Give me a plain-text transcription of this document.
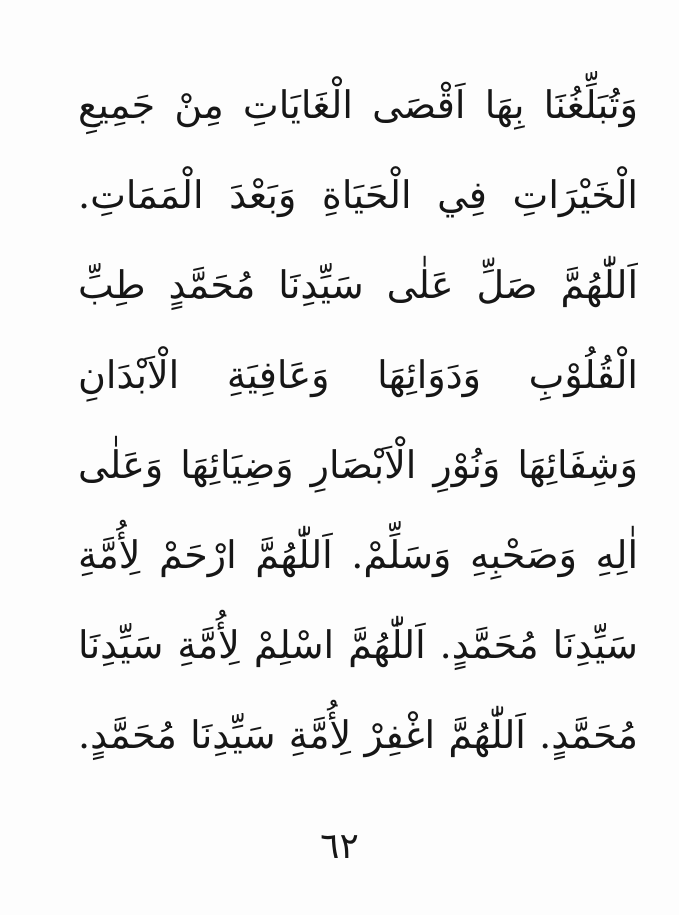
وَتُبَلِّغُنَا بِهَا اَقْصَى الْغَايَاتِ مِنْ جَمِيعِ
الْخَيْرَاتِ فِي الْحَيَاةِ وَبَعْدَ الْمَمَاتِ.
اَللّٰهُمَّ صَلِّ عَلٰى سَيِّدِنَا مُحَمَّدٍ طِبِّ
الْقُلُوْبِ وَدَوَائِهَا وَعَافِيَةِ الْاَبْدَانِ
وَشِفَائِهَا وَنُوْرِ الْاَبْصَارِ وَضِيَائِهَا وَعَلٰى
اٰلِهِ وَصَحْبِهِ وَسَلِّمْ. اَللّٰهُمَّ ارْحَمْ لِأُمَّةِ
سَيِّدِنَا مُحَمَّدٍ. اَللّٰهُمَّ اسْلِمْ لِأُمَّةِ سَيِّدِنَا
مُحَمَّدٍ. اَللّٰهُمَّ اغْفِرْ لِأُمَّةِ سَيِّدِنَا مُحَمَّدٍ.
٦٢
